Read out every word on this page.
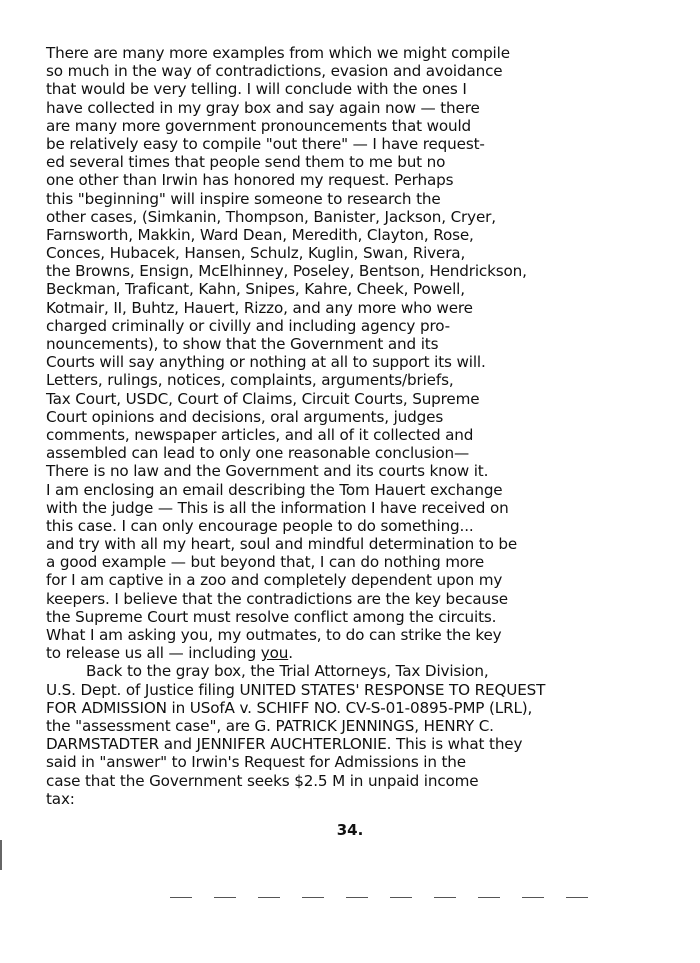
There are many more examples from which we might compile
so much in the way of contradictions, evasion and avoidance
that would be very telling. I will conclude with the ones I
have collected in my gray box and say again now — there
are many more government pronouncements that would
be relatively easy to compile "out there" — I have request-
ed several times that people send them to me but no
one other than Irwin has honored my request. Perhaps
this "beginning" will inspire someone to research the
other cases, (Simkanin, Thompson, Banister, Jackson, Cryer,
Farnsworth, Makkin, Ward Dean, Meredith, Clayton, Rose,
Conces, Hubacek, Hansen, Schulz, Kuglin, Swan, Rivera,
the Browns, Ensign, McElhinney, Poseley, Bentson, Hendrickson,
Beckman, Traficant, Kahn, Snipes, Kahre, Cheek, Powell,
Kotmair, II, Buhtz, Hauert, Rizzo, and any more who were
charged criminally or civilly and including agency pro-
nouncements), to show that the Government and its
Courts will say anything or nothing at all to support its will.
Letters, rulings, notices, complaints, arguments/briefs,
Tax Court, USDC, Court of Claims, Circuit Courts, Supreme
Court opinions and decisions, oral arguments, judges
comments, newspaper articles, and all of it collected and
assembled can lead to only one reasonable conclusion—
There is no law and the Government and its courts know it.
I am enclosing an email describing the Tom Hauert exchange
with the judge — This is all the information I have received on
this case. I can only encourage people to do something...
and try with all my heart, soul and mindful determination to be
a good example — but beyond that, I can do nothing more
for I am captive in a zoo and completely dependent upon my
keepers. I believe that the contradictions are the key because
the Supreme Court must resolve conflict among the circuits.
What I am asking you, my outmates, to do can strike the key
to release us all — including you.
Back to the gray box, the Trial Attorneys, Tax Division,
U.S. Dept. of Justice filing UNITED STATES' RESPONSE TO REQUEST
FOR ADMISSION in USofA v. SCHIFF NO. CV-S-01-0895-PMP (LRL),
the "assessment case", are G. PATRICK JENNINGS, HENRY C.
DARMSTADTER and JENNIFER AUCHTERLONIE. This is what they
said in "answer" to Irwin's Request for Admissions in the
case that the Government seeks $2.5 M in unpaid income
tax:
34.
